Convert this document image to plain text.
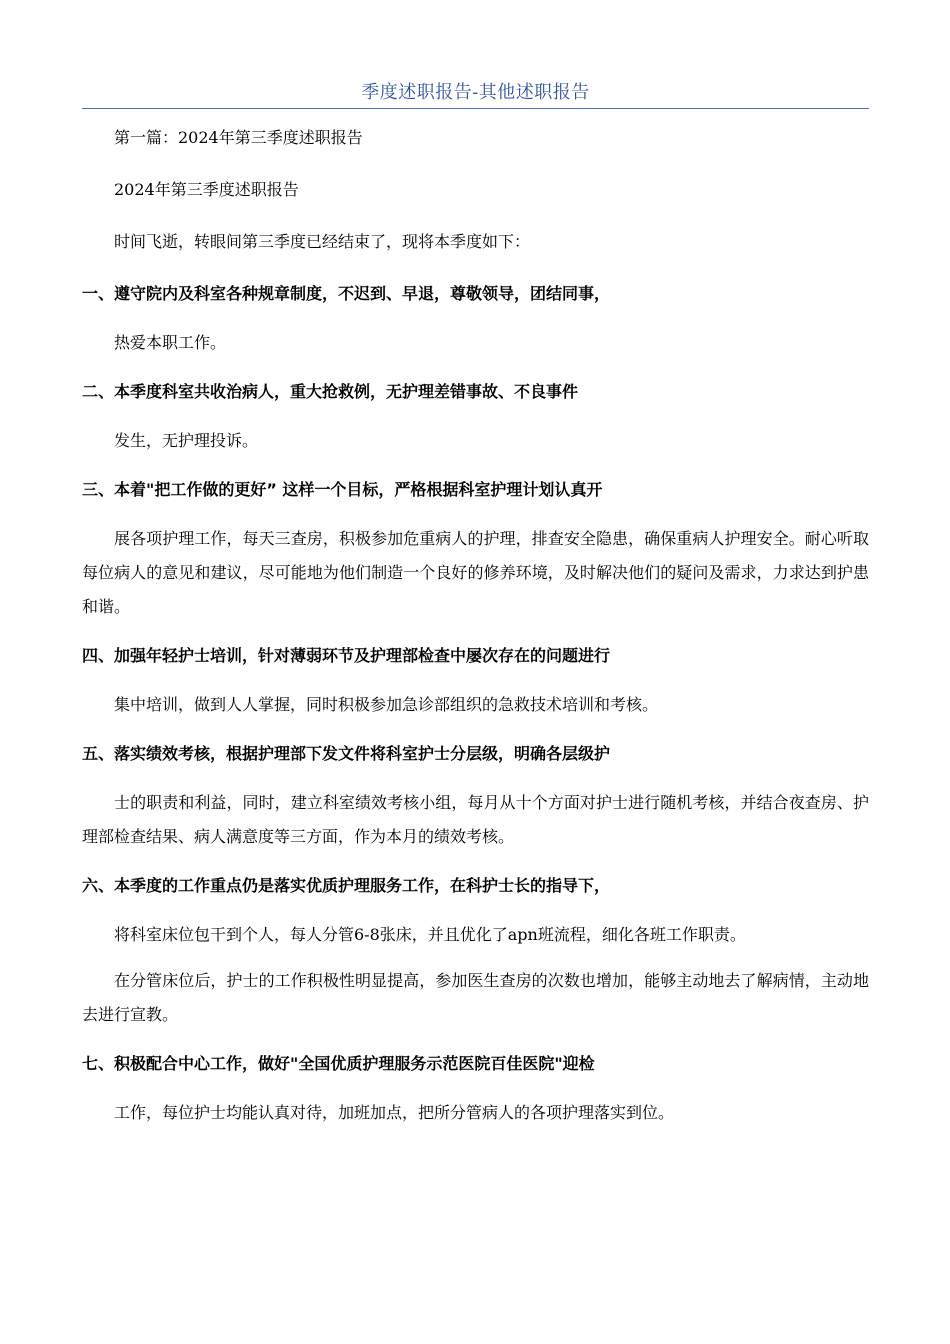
季度述职报告-其他述职报告

第一篇：2024年第三季度述职报告

2024年第三季度述职报告

时间飞逝，转眼间第三季度已经结束了，现将本季度如下：

一、遵守院内及科室各种规章制度，不迟到、早退，尊敬领导，团结同事，

热爱本职工作。

二、本季度科室共收治病人，重大抢救例，无护理差错事故、不良事件

发生，无护理投诉。

三、本着"把工作做的更好” 这样一个目标，严格根据科室护理计划认真开

展各项护理工作，每天三查房，积极参加危重病人的护理，排查安全隐患，确保重病人护理安全。耐心听取每位病人的意见和建议，尽可能地为他们制造一个良好的修养环境，及时解决他们的疑问及需求，力求达到护患和谐。

四、加强年轻护士培训，针对薄弱环节及护理部检查中屡次存在的问题进行

集中培训，做到人人掌握，同时积极参加急诊部组织的急救技术培训和考核。

五、落实绩效考核，根据护理部下发文件将科室护士分层级，明确各层级护

士的职责和利益，同时，建立科室绩效考核小组，每月从十个方面对护士进行随机考核，并结合夜查房、护理部检查结果、病人满意度等三方面，作为本月的绩效考核。

六、本季度的工作重点仍是落实优质护理服务工作，在科护士长的指导下，

将科室床位包干到个人，每人分管6-8张床，并且优化了apn班流程，细化各班工作职责。

在分管床位后，护士的工作积极性明显提高，参加医生查房的次数也增加，能够主动地去了解病情，主动地去进行宣教。

七、积极配合中心工作，做好"全国优质护理服务示范医院百佳医院"迎检

工作，每位护士均能认真对待，加班加点，把所分管病人的各项护理落实到位。
